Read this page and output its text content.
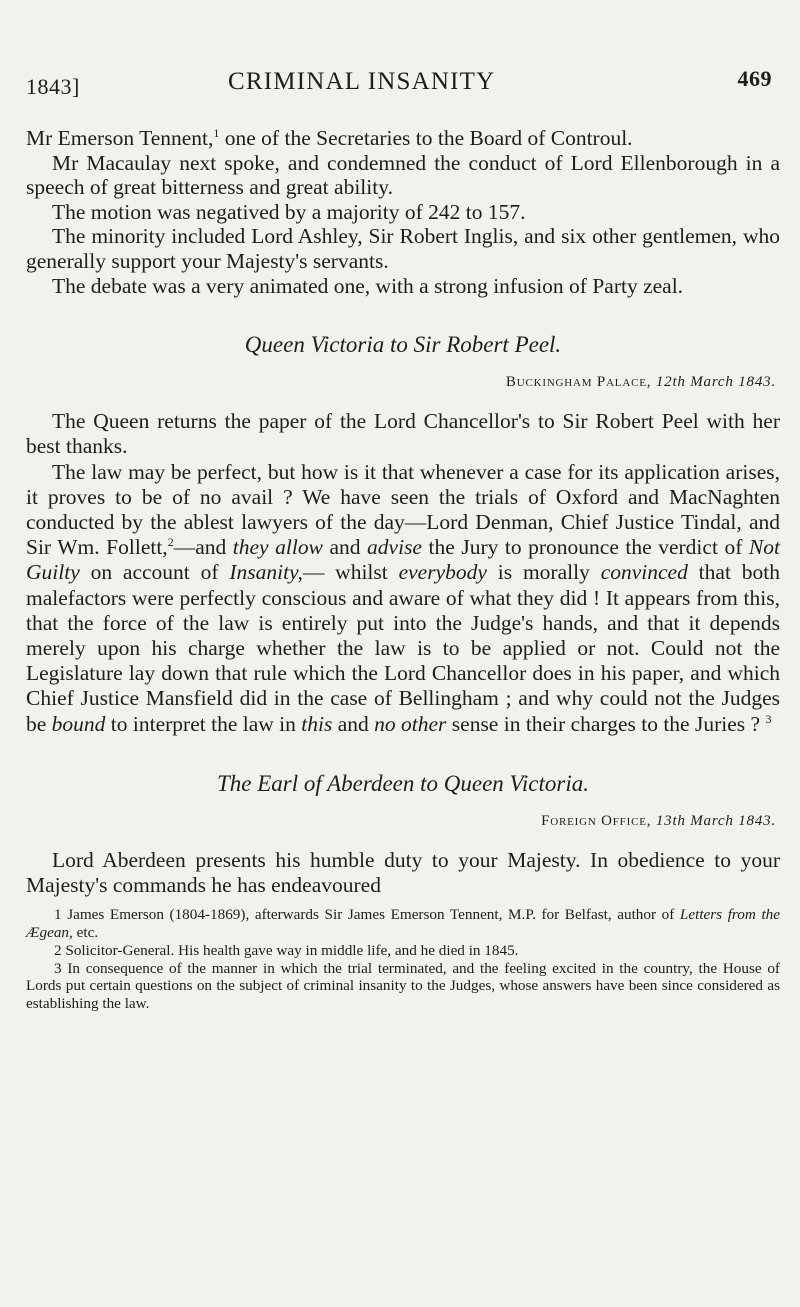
1843]	CRIMINAL INSANITY	469

Mr Emerson Tennent,$^1$ one of the Secretaries to the Board of Controul.

Mr Macaulay next spoke, and condemned the conduct of Lord Ellenborough in a speech of great bitterness and great ability.

The motion was negatived by a majority of 242 to 157.

The minority included Lord Ashley, Sir Robert Inglis, and six other gentlemen, who generally support your Majesty's servants.

The debate was a very animated one, with a strong infusion of Party zeal.

Queen Victoria to Sir Robert Peel.
Buckingham Palace, 12th March 1843.

The Queen returns the paper of the Lord Chancellor's to Sir Robert Peel with her best thanks.

The law may be perfect, but how is it that whenever a case for its application arises, it proves to be of no avail ? We have seen the trials of Oxford and MacNaghten conducted by the ablest lawyers of the day—Lord Denman, Chief Justice Tindal, and Sir Wm. Follett,$^2$—and they allow and advise the Jury to pronounce the verdict of Not Guilty on account of Insanity,— whilst everybody is morally convinced that both malefactors were perfectly conscious and aware of what they did ! It appears from this, that the force of the law is entirely put into the Judge's hands, and that it depends merely upon his charge whether the law is to be applied or not. Could not the Legislature lay down that rule which the Lord Chancellor does in his paper, and which Chief Justice Mansfield did in the case of Bellingham ; and why could not the Judges be bound to interpret the law in this and no other sense in their charges to the Juries ? $^3$

The Earl of Aberdeen to Queen Victoria.
Foreign Office, 13th March 1843.

Lord Aberdeen presents his humble duty to your Majesty. In obedience to your Majesty's commands he has endeavoured

1 James Emerson (1804-1869), afterwards Sir James Emerson Tennent, M.P. for Belfast, author of Letters from the Ægean, etc.

2 Solicitor-General. His health gave way in middle life, and he died in 1845.

3 In consequence of the manner in which the trial terminated, and the feeling excited in the country, the House of Lords put certain questions on the subject of criminal insanity to the Judges, whose answers have been since considered as establishing the law.
